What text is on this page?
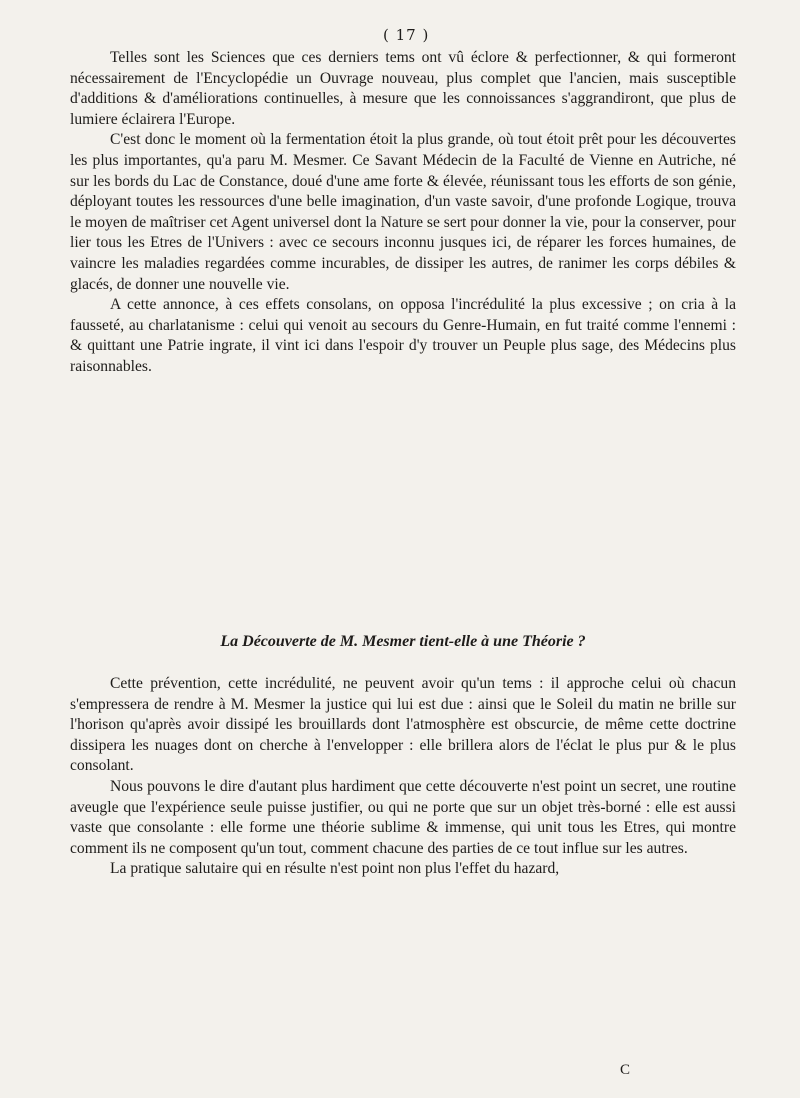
( 17 )

Telles sont les Sciences que ces derniers tems ont vû éclore & perfectionner, & qui formeront nécessairement de l'Encyclopédie un Ouvrage nouveau, plus complet que l'ancien, mais susceptible d'additions & d'améliorations continuelles, à mesure que les connoissances s'aggrandiront, que plus de lumiere éclairera l'Europe.

C'est donc le moment où la fermentation étoit la plus grande, où tout étoit prêt pour les découvertes les plus importantes, qu'a paru M. Mesmer. Ce Savant Médecin de la Faculté de Vienne en Autriche, né sur les bords du Lac de Constance, doué d'une ame forte & élevée, réunissant tous les efforts de son génie, déployant toutes les ressources d'une belle imagination, d'un vaste savoir, d'une profonde Logique, trouva le moyen de maîtriser cet Agent universel dont la Nature se sert pour donner la vie, pour la conserver, pour lier tous les Etres de l'Univers : avec ce secours inconnu jusques ici, de réparer les forces humaines, de vaincre les maladies regardées comme incurables, de dissiper les autres, de ranimer les corps débiles & glacés, de donner une nouvelle vie.

A cette annonce, à ces effets consolans, on opposa l'incrédulité la plus excessive ; on cria à la fausseté, au charlatanisme : celui qui venoit au secours du Genre-Humain, en fut traité comme l'ennemi : & quittant une Patrie ingrate, il vint ici dans l'espoir d'y trouver un Peuple plus sage, des Médecins plus raisonnables.

La Découverte de M. Mesmer tient-elle à une Théorie ?

Cette prévention, cette incrédulité, ne peuvent avoir qu'un tems : il approche celui où chacun s'empressera de rendre à M. Mesmer la justice qui lui est due : ainsi que le Soleil du matin ne brille sur l'horison qu'après avoir dissipé les brouillards dont l'atmosphère est obscurcie, de même cette doctrine dissipera les nuages dont on cherche à l'envelopper : elle brillera alors de l'éclat le plus pur & le plus consolant.

Nous pouvons le dire d'autant plus hardiment que cette découverte n'est point un secret, une routine aveugle que l'expérience seule puisse justifier, ou qui ne porte que sur un objet très-borné : elle est aussi vaste que consolante : elle forme une théorie sublime & immense, qui unit tous les Etres, qui montre comment ils ne composent qu'un tout, comment chacune des parties de ce tout influe sur les autres.

La pratique salutaire qui en résulte n'est point non plus l'effet du hazard,

C
